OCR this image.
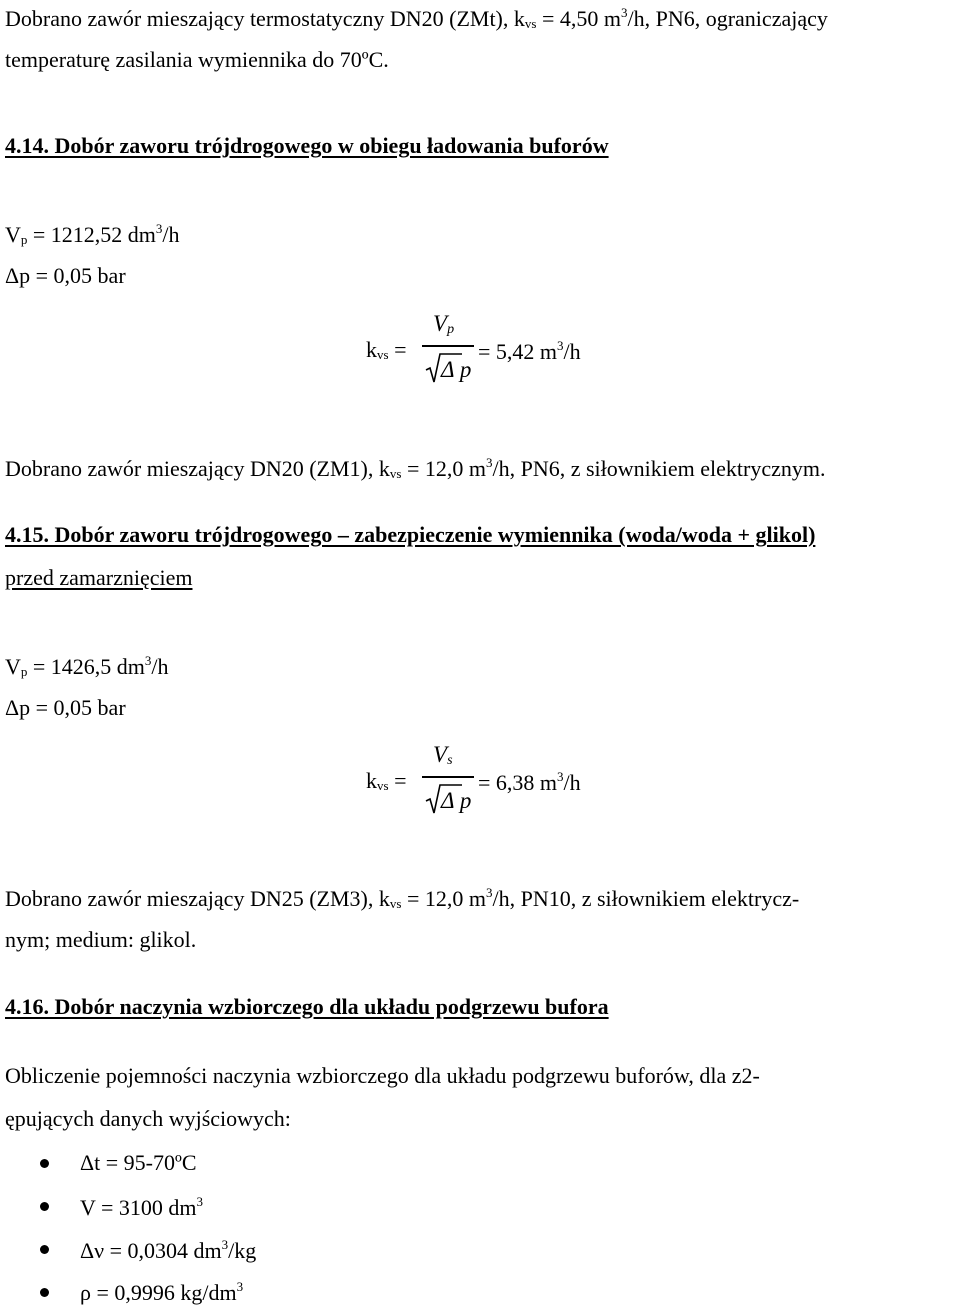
Dobrano zawór mieszający termostatyczny DN20 (ZMt), $k_{vs} = 4,50$ $m^3/h$, PN6, ograniczający
temperaturę zasilania wymiennika do 70ºC.
4.14. Dobór zaworu trójdrogowego w obiegu ładowania buforów
$V_p = 1212,52$ $dm^3/h$
Δp = 0,05 bar
$k_{vs}$ =
$V_p$
Δ p
= 5,42 $m^3/h$
Dobrano zawór mieszający DN20 (ZM1), $k_{vs} = 12,0$ $m^3/h$, PN6, z siłownikiem elektrycznym.
4.15. Dobór zaworu trójdrogowego – zabezpieczenie wymiennika (woda/woda + glikol)
przed zamarznięciem
$V_p = 1426,5$ $dm^3/h$
Δp = 0,05 bar
$k_{vs}$ =
$V_s$
Δ p
= 6,38 $m^3/h$
Dobrano zawór mieszający DN25 (ZM3), $k_{vs} = 12,0$ $m^3/h$, PN10, z siłownikiem elektrycz-
nym; medium: glikol.
4.16. Dobór naczynia wzbiorczego dla układu podgrzewu bufora
Obliczenie pojemności naczynia wzbiorczego dla układu podgrzewu buforów, dla z2-
ępujących danych wyjściowych:
Δt = 95-70ºC
V = 3100 $dm^3$
Δν = 0,0304 $dm^3/kg$
ρ = 0,9996 $kg/dm^3$
